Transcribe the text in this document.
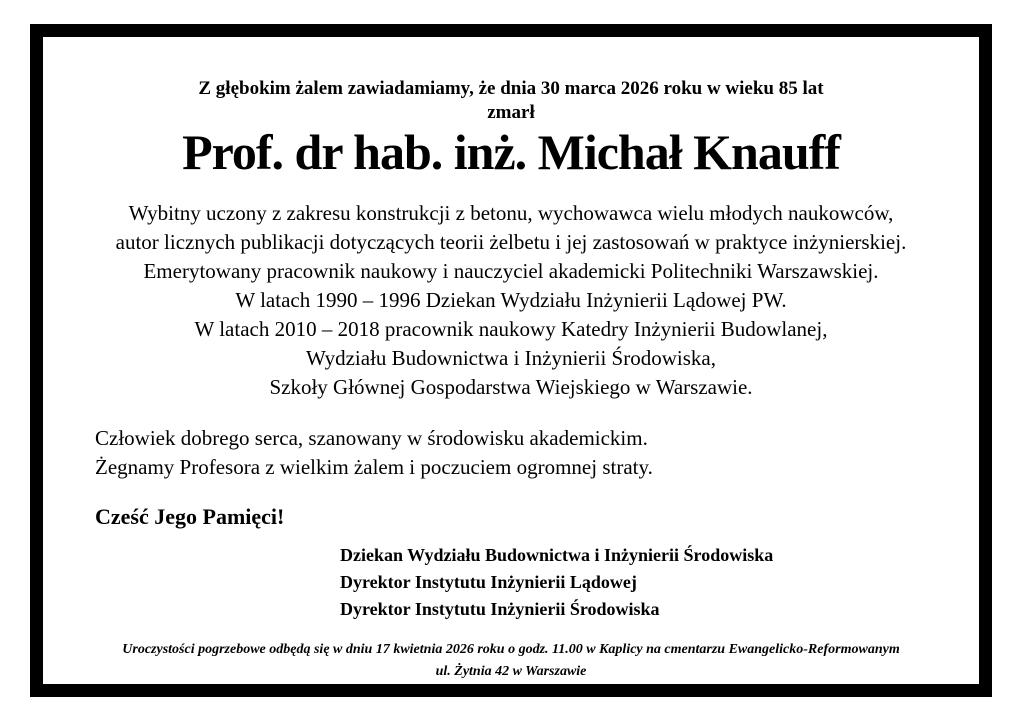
Z głębokim żalem zawiadamiamy, że dnia 30 marca 2026 roku w wieku 85 lat
zmarł
Prof. dr hab. inż. Michał Knauff
Wybitny uczony z zakresu konstrukcji z betonu, wychowawca wielu młodych naukowców,
autor licznych publikacji dotyczących teorii żelbetu i jej zastosowań w praktyce inżynierskiej.
Emerytowany pracownik naukowy i nauczyciel akademicki Politechniki Warszawskiej.
W latach 1990 – 1996 Dziekan Wydziału Inżynierii Lądowej PW.
W latach 2010 – 2018 pracownik naukowy Katedry Inżynierii Budowlanej,
Wydziału Budownictwa i Inżynierii Środowiska,
Szkoły Głównej Gospodarstwa Wiejskiego w Warszawie.
Człowiek dobrego serca, szanowany w środowisku akademickim.
Żegnamy Profesora z wielkim żalem i poczuciem ogromnej straty.
Cześć Jego Pamięci!
Dziekan Wydziału Budownictwa i Inżynierii Środowiska
Dyrektor Instytutu Inżynierii Lądowej
Dyrektor Instytutu Inżynierii Środowiska
Uroczystości pogrzebowe odbędą się w dniu 17 kwietnia 2026 roku o godz. 11.00 w Kaplicy na cmentarzu Ewangelicko-Reformowanym
ul. Żytnia 42 w Warszawie
